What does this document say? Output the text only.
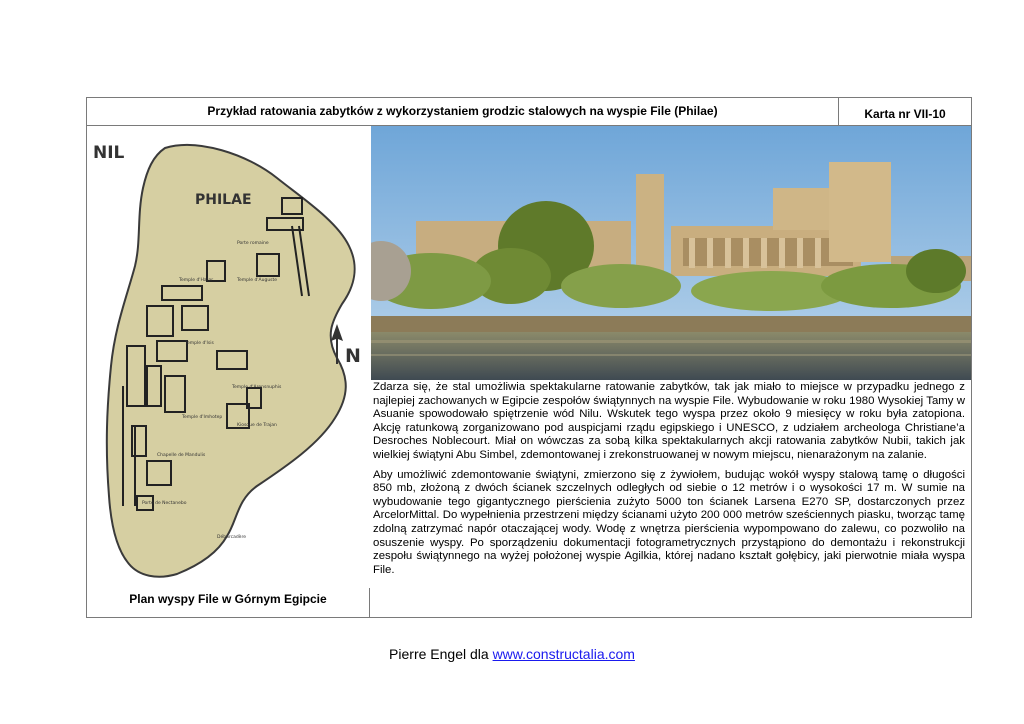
Przykład ratowania zabytków z wykorzystaniem grodzic stalowych na wyspie File (Philae)	Karta nr VII-10
Porte romaine
Temple d'Hator	Temple d'Auguste
Temple d'Isis
Temple d'Arensnuphis
Temple d'Imhotep
Kiosque de Trajan
Chapelle de Mandulis
Porte de Nectanebo
Débarcadère
NIL
PHILAE
N
Plan wyspy File w Górnym Egipcie

Zdarza się, że stal umożliwia spektakularne ratowanie zabytków, tak jak miało to miejsce w przypadku jednego z najlepiej zachowanych w Egipcie zespołów świątynnych na wyspie File. Wybudowanie w roku 1980 Wysokiej Tamy w Asuanie spowodowało spiętrzenie wód Nilu. Wskutek tego wyspa przez około 9 miesięcy w roku była zatopiona. Akcję ratunkową zorganizowano pod auspicjami rządu egipskiego i UNESCO, z udziałem archeologa Christiane’a Desroches Noblecourt. Miał on wówczas za sobą kilka spektakularnych akcji ratowania zabytków Nubii, takich jak wielkiej świątyni Abu Simbel, zdemontowanej i zrekonstruowanej w nowym miejscu, nienarażonym na zalanie.

Aby umożliwić zdemontowanie świątyni, zmierzono się z żywiołem, budując wokół wyspy stalową tamę o długości 850 mb, złożoną z dwóch ścianek szczelnych odległych od siebie o 12 metrów i o wysokości 17 m. W sumie na wybudowanie tego gigantycznego pierścienia zużyto 5000 ton ścianek Larsena E270 SP, dostarczonych przez ArcelorMittal. Do wypełnienia przestrzeni między ścianami użyto 200 000 metrów sześciennych piasku, tworząc tamę zdolną zatrzymać napór otaczającej wody. Wodę z wnętrza pierścienia wypompowano do zalewu, co pozwoliło na osuszenie wyspy. Po sporządzeniu dokumentacji fotogrametrycznych przystąpiono do demontażu i rekonstrukcji zespołu świątynnego na wyżej położonej wyspie Agilkia, której nadano kształt gołębicy, jaki pierwotnie miała wyspa File.

Pierre Engel dla www.constructalia.com
